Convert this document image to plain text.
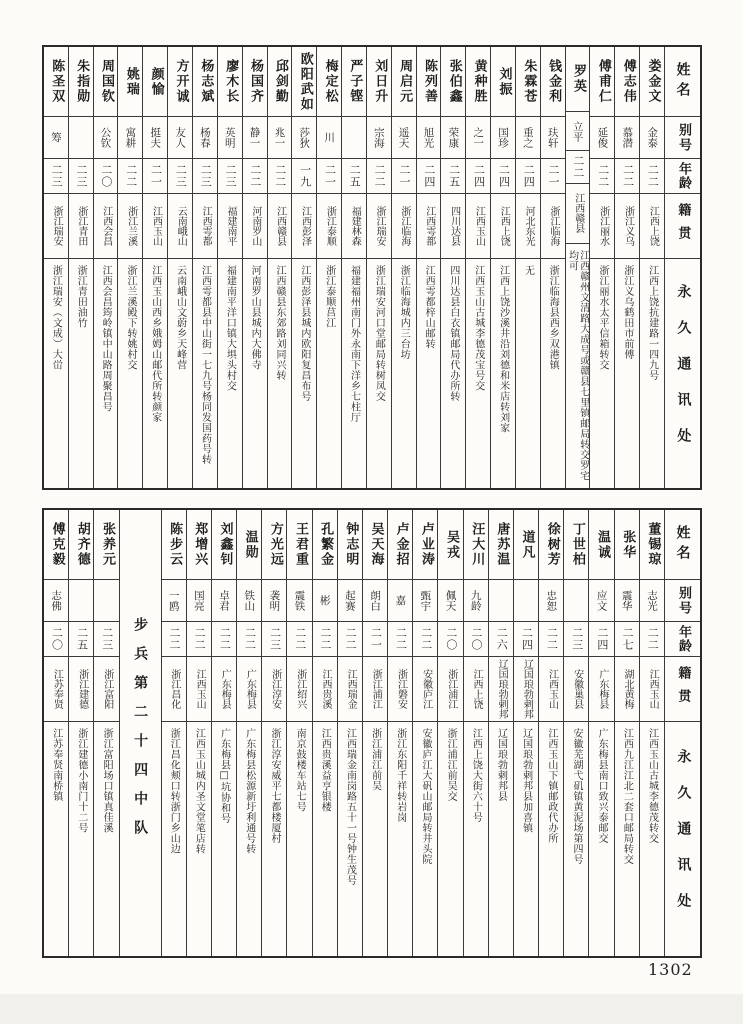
姓名
别号
年龄
籍贯
永久通讯处
娄金文
金泰
二二
江西上饶
江西上饶抗建路一四九号
傅志伟
慕潜
二二
浙江义乌
浙江义乌鹤田市前傅
傅甫仁
延俊
二二
浙江丽水
浙江丽水太平信箱转交
罗英
立平
二二
江西赣县
江西赣州文清路大成号或赣县七里镇邮局转交罗宅均可
钱金利
玞轩
二一
浙江临海
浙江临海县西乡双港镇
朱霖苍
重之
二四
河北东光
无
刘振
国珍
二四
江西上饶
江西上饶沙溪井沿刘德和米店转刘家
黄种胜
之一
二四
江西玉山
江西玉山古城李德茂宝号交
张伯鑫
荣康
二五
四川达县
四川达县白衣镇邮局代办所转
陈列善
旭光
二四
江西雩都
江西雩都梓山邮转
周启元
遥天
二一
浙江临海
浙江临海城内三台坊
刘日升
宗海
二二
浙江瑞安
浙江瑞安河口堂邮局转树凤交
严子铿
二五
福建林森
福建福州南门外永南下洋乡七柱厅
梅定松
川
二一
浙江泰顺
浙江泰顺莒江
欧阳武如
莎狄
一九
江西彭泽
江西彭泽县城内欧阳复昌布号
邱剑勤
兆一
二二
江西赣县
江西赣县东郊路刘同兴转
杨国齐
静一
二二
河南罗山
河南罗山县城内大佛寺
廖木长
英明
二三
福建南平
福建南平洋口镇大埧头村交
杨志斌
杨春
二三
江西雩都
江西雩都县中山街一七九号杨同发国药号转
方开诚
友人
二三
云南峨山
云南峨山文蔚乡天峰营
颜愉
挺夫
二一
江西玉山
江西玉山西乡娥姆山邮代所转颜家
姚瑞
寓耕
二二
浙江兰溪
浙江兰溪殿下转姚村交
周国钦
公钦
二〇
江西会昌
江西会昌筠岭镇中山路周聚昌号
朱指勋
二三
浙江青田
浙江青田油竹
陈圣双
筹
二三
浙江瑞安
浙江瑞安（文成）大峃
姓名
别号
年龄
籍贯
永久通讯处
董锡琼
志光
二二
江西玉山
江西玉山古城李德茂转交
张华
震华
二七
湖北黄梅
江西九江江北二套口邮局转交
温诚
应文
二四
广东梅县
广东梅县南口致兴泰邮交
丁世柏
二三
安徽巢县
安徽芜湖弋矶镇黄泥场第四号
徐树芳
忠恕
二二
江西玉山
江西玉山下镇邮政代办所
道凡
二四
辽国琅勃剌邦
辽国琅勃剌邦县加喜镇
唐苏温
二六
辽国琅勃剌邦
辽国琅勃剌邦县
汪大川
九龄
二〇
江西上饶
江西上饶大街六十号
吴戎
佩天
二〇
浙江浦江
浙江浦江前吴交
卢业涛
甄宇
二二
安徽庐江
安徽庐江大矾山邮局转井头院
卢金招
嘉
二二
浙江磐安
浙江东阳千祥转岩岗
吴天海
朗白
二一
浙江浦江
浙江浦江前吴
钟志明
起赛
二二
江西瑞金
江西瑞金南岗路五十一号钟生茂号
孔繁金
彬
二二
江西贵溪
江西贵溪益亨银楼
王君重
震铁
二二
浙江绍兴
南京鼓楼车站七号
方光远
袭明
二三
浙江淳安
浙江淳安威平七都楼厦村
温勋
铁山
二二
广东梅县
广东梅县松源新圩利通号转
刘鑫钊
卓君
二二
广东梅县
广东梅县□坑协和号
郑增兴
国亮
二二
江西玉山
江西玉山城内圣文堂笔店转
陈步云
一鸥
二二
浙江昌化
浙江昌化颊口转浙门乡山边
步兵第二十四中队
张养元
二三
浙江富阳
浙江富阳场口镇真佳溪
胡齐德
二五
浙江建德
浙江建德小南门十二号
傅克毅
志佛
二〇
江苏奉贤
江苏奉贤南桥镇
1302
